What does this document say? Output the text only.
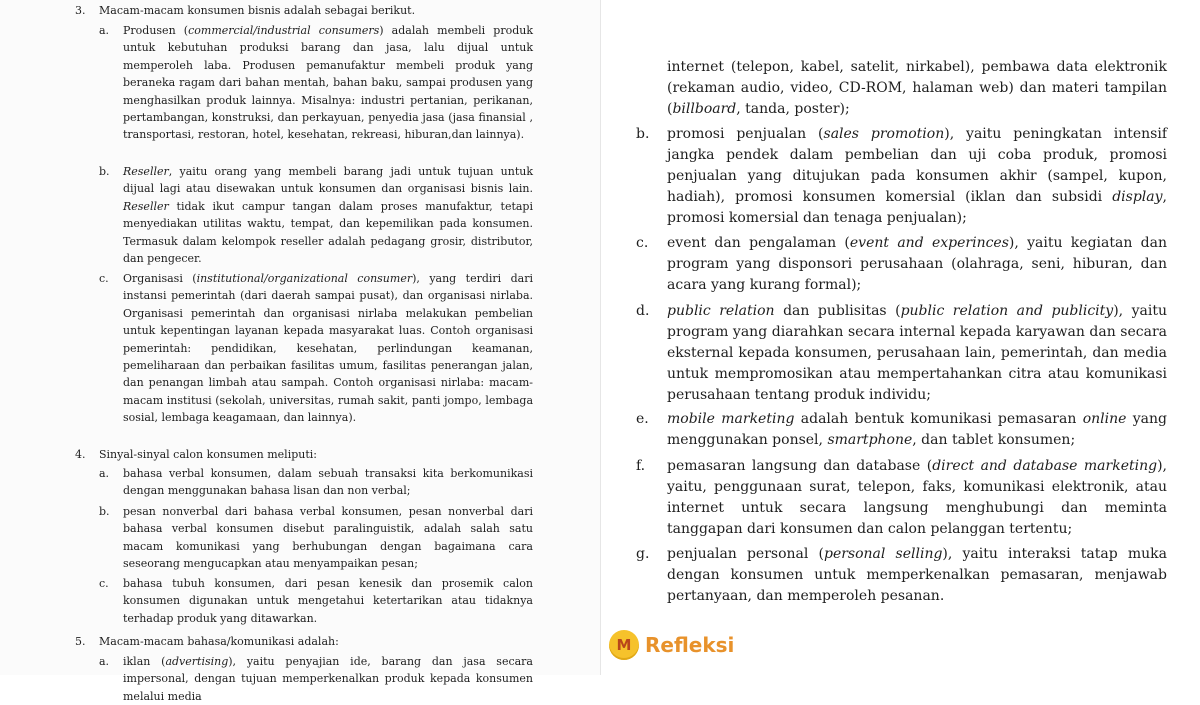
3. Macam-macam konsumen bisnis adalah sebagai berikut.
a. Produsen (commercial/industrial consumers) adalah membeli produk untuk kebutuhan produksi barang dan jasa, lalu dijual untuk memperoleh laba. Produsen pemanufaktur membeli produk yang beraneka ragam dari bahan mentah, bahan baku, sampai produsen yang menghasilkan produk lainnya. Misalnya: industri pertanian, perikanan, pertambangan, konstruksi, dan perkayuan, penyedia jasa (jasa finansial , transportasi, restoran, hotel, kesehatan, rekreasi, hiburan,dan lainnya).
b. Reseller, yaitu orang yang membeli barang jadi untuk tujuan untuk dijual lagi atau disewakan untuk konsumen dan organisasi bisnis lain. Reseller tidak ikut campur tangan dalam proses manufaktur, tetapi menyediakan utilitas waktu, tempat, dan kepemilikan pada konsumen. Termasuk dalam kelompok reseller adalah pedagang grosir, distributor, dan pengecer.
c. Organisasi (institutional/organizational consumer), yang terdiri dari instansi pemerintah (dari daerah sampai pusat), dan organisasi nirlaba. Organisasi pemerintah dan organisasi nirlaba melakukan pembelian untuk kepentingan layanan kepada masyarakat luas. Contoh organisasi pemerintah: pendidikan, kesehatan, perlindungan keamanan, pemeliharaan dan perbaikan fasilitas umum, fasilitas penerangan jalan, dan penangan limbah atau sampah. Contoh organisasi nirlaba: macam-macam institusi (sekolah, universitas, rumah sakit, panti jompo, lembaga sosial, lembaga keagamaan, dan lainnya).
4. Sinyal-sinyal calon konsumen meliputi:
a. bahasa verbal konsumen, dalam sebuah transaksi kita berkomunikasi dengan menggunakan bahasa lisan dan non verbal;
b. pesan nonverbal dari bahasa verbal konsumen, pesan nonverbal dari bahasa verbal konsumen disebut paralinguistik, adalah salah satu macam komunikasi yang berhubungan dengan bagaimana cara seseorang mengucapkan atau menyampaikan pesan;
c. bahasa tubuh konsumen, dari pesan kenesik dan prosemik calon konsumen digunakan untuk mengetahui ketertarikan atau tidaknya terhadap produk yang ditawarkan.
5. Macam-macam bahasa/komunikasi adalah:
a. iklan (advertising), yaitu penyajian ide, barang dan jasa secara impersonal, dengan tujuan memperkenalkan produk kepada konsumen melalui media
internet (telepon, kabel, satelit, nirkabel), pembawa data elektronik (rekaman audio, video, CD-ROM, halaman web) dan materi tampilan (billboard, tanda, poster);
b. promosi penjualan (sales promotion), yaitu peningkatan intensif jangka pendek dalam pembelian dan uji coba produk, promosi penjualan yang ditujukan pada konsumen akhir (sampel, kupon, hadiah), promosi konsumen komersial (iklan dan subsidi display, promosi komersial dan tenaga penjualan);
c. event dan pengalaman (event and experinces), yaitu kegiatan dan program yang disponsori perusahaan (olahraga, seni, hiburan, dan acara yang kurang formal);
d. public relation dan publisitas (public relation and publicity), yaitu program yang diarahkan secara internal kepada karyawan dan secara eksternal kepada konsumen, perusahaan lain, pemerintah, dan media untuk mempromosikan atau mempertahankan citra atau komunikasi perusahaan tentang produk individu;
e. mobile marketing adalah bentuk komunikasi pemasaran online yang menggunakan ponsel, smartphone, dan tablet konsumen;
f. pemasaran langsung dan database (direct and database marketing), yaitu, penggunaan surat, telepon, faks, komunikasi elektronik, atau internet untuk secara langsung menghubungi dan meminta tanggapan dari konsumen dan calon pelanggan tertentu;
g. penjualan personal (personal selling), yaitu interaksi tatap muka dengan konsumen untuk memperkenalkan pemasaran, menjawab pertanyaan, dan memperoleh pesanan.
M Refleksi
